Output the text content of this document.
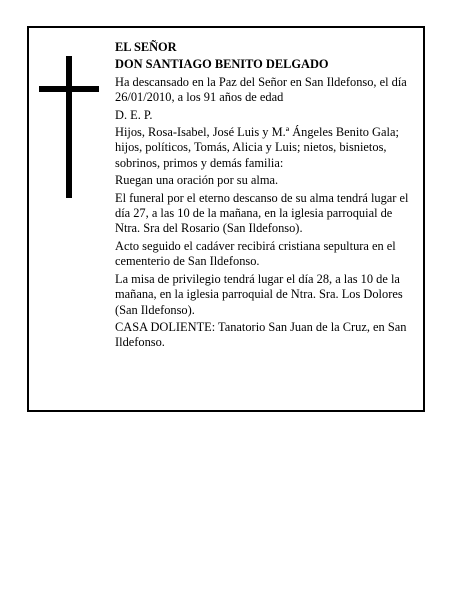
EL SEÑOR

DON SANTIAGO BENITO DELGADO

Ha descansado en la Paz del Señor en San Ildefonso, el día 26/01/2010, a los 91 años de edad

D. E. P.

Hijos, Rosa-Isabel, José Luis y M.ª Ángeles Benito Gala; hijos, políticos, Tomás, Alicia y Luis; nietos, bisnietos, sobrinos, primos y demás familia:

Ruegan una oración por su alma.

El funeral por el eterno descanso de su alma tendrá lugar el día 27, a las 10 de la mañana, en la iglesia parroquial de Ntra. Sra del Rosario (San Ildefonso).

Acto seguido el cadáver recibirá cristiana sepultura en el cementerio de San Ildefonso.

La misa de privilegio tendrá lugar el día 28, a las 10 de la mañana, en la iglesia parroquial de Ntra. Sra. Los Dolores (San Ildefonso).

CASA DOLIENTE: Tanatorio San Juan de la Cruz, en San Ildefonso.
